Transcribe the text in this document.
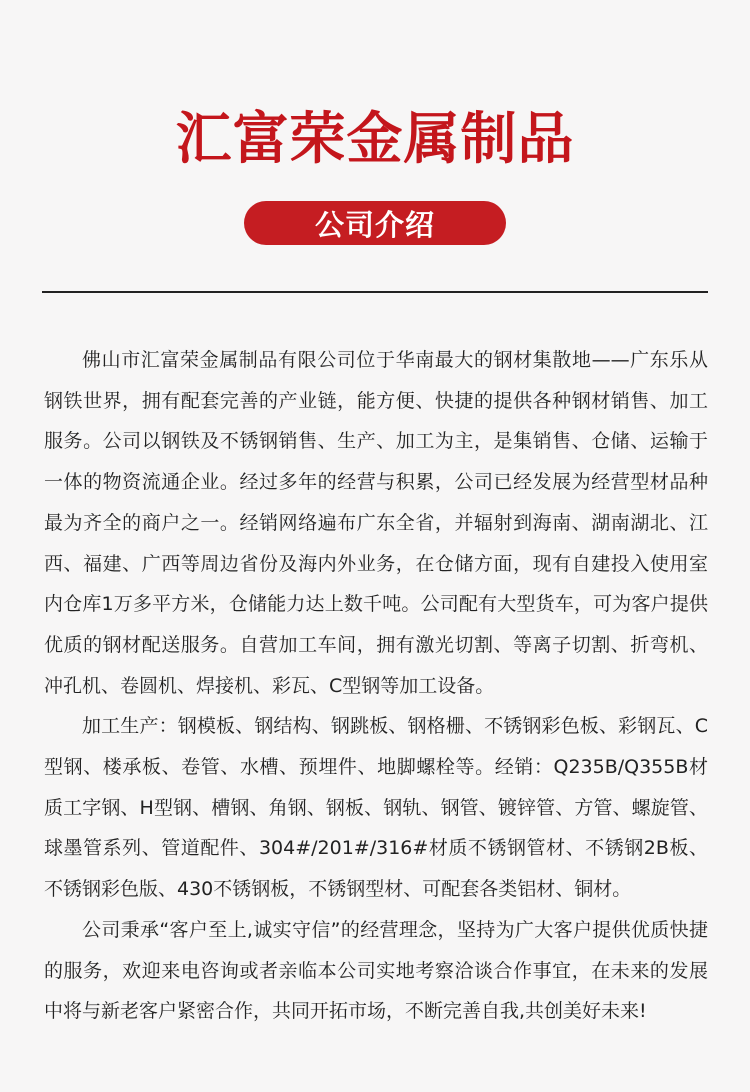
汇富荣金属制品
公司介绍

佛山市汇富荣金属制品有限公司位于华南最大的钢材集散地——广东乐从钢铁世界，拥有配套完善的产业链，能方便、快捷的提供各种钢材销售、加工服务。公司以钢铁及不锈钢销售、生产、加工为主，是集销售、仓储、运输于一体的物资流通企业。经过多年的经营与积累，公司已经发展为经营型材品种最为齐全的商户之一。经销网络遍布广东全省，并辐射到海南、湖南湖北、江西、福建、广西等周边省份及海内外业务，在仓储方面，现有自建投入使用室内仓库1万多平方米，仓储能力达上数千吨。公司配有大型货车，可为客户提供优质的钢材配送服务。自营加工车间，拥有激光切割、等离子切割、折弯机、冲孔机、卷圆机、焊接机、彩瓦、C型钢等加工设备。

加工生产：钢模板、钢结构、钢跳板、钢格栅、不锈钢彩色板、彩钢瓦、C型钢、楼承板、卷管、水槽、预埋件、地脚螺栓等。经销：Q235B/Q355B材质工字钢、H型钢、槽钢、角钢、钢板、钢轨、钢管、镀锌管、方管、螺旋管、球墨管系列、管道配件、304#/201#/316#材质不锈钢管材、不锈钢2B板、不锈钢彩色版、430不锈钢板，不锈钢型材、可配套各类铝材、铜材。

公司秉承“客户至上,诚实守信”的经营理念，坚持为广大客户提供优质快捷的服务，欢迎来电咨询或者亲临本公司实地考察洽谈合作事宜，在未来的发展中将与新老客户紧密合作，共同开拓市场，不断完善自我,共创美好未来!
